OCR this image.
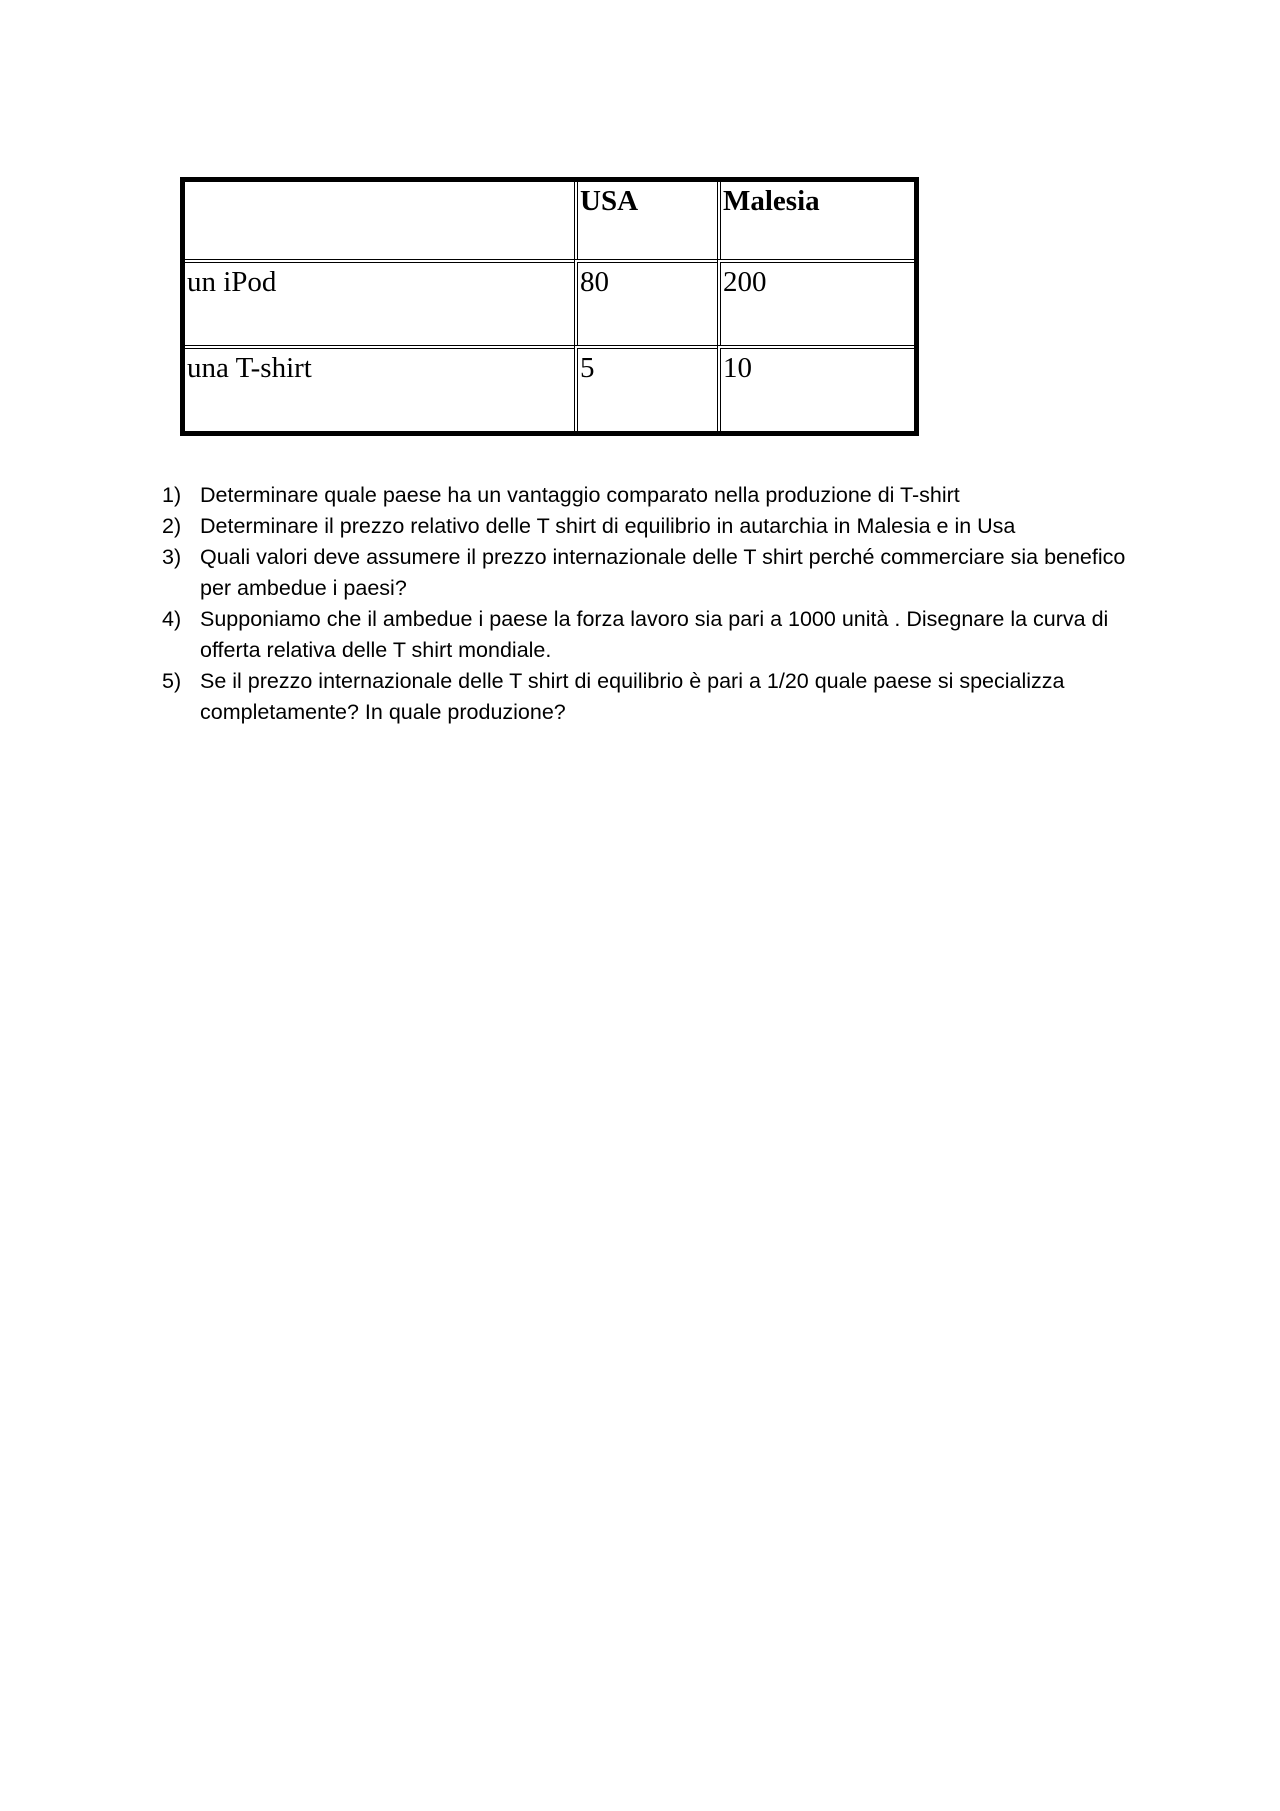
	USA	Malesia
un iPod	80	200
una T-shirt	5	10
1) Determinare quale paese ha un vantaggio comparato nella produzione di T-shirt
2) Determinare il prezzo relativo delle T shirt di equilibrio in autarchia in Malesia e in Usa
3) Quali valori deve assumere il prezzo internazionale delle T shirt perché commerciare sia benefico per ambedue i paesi?
4) Supponiamo che il ambedue i paese la forza lavoro sia pari a 1000 unità . Disegnare la curva di offerta relativa delle T shirt mondiale.
5) Se il prezzo internazionale delle T shirt di equilibrio è pari a 1/20 quale paese si specializza completamente? In quale produzione?
